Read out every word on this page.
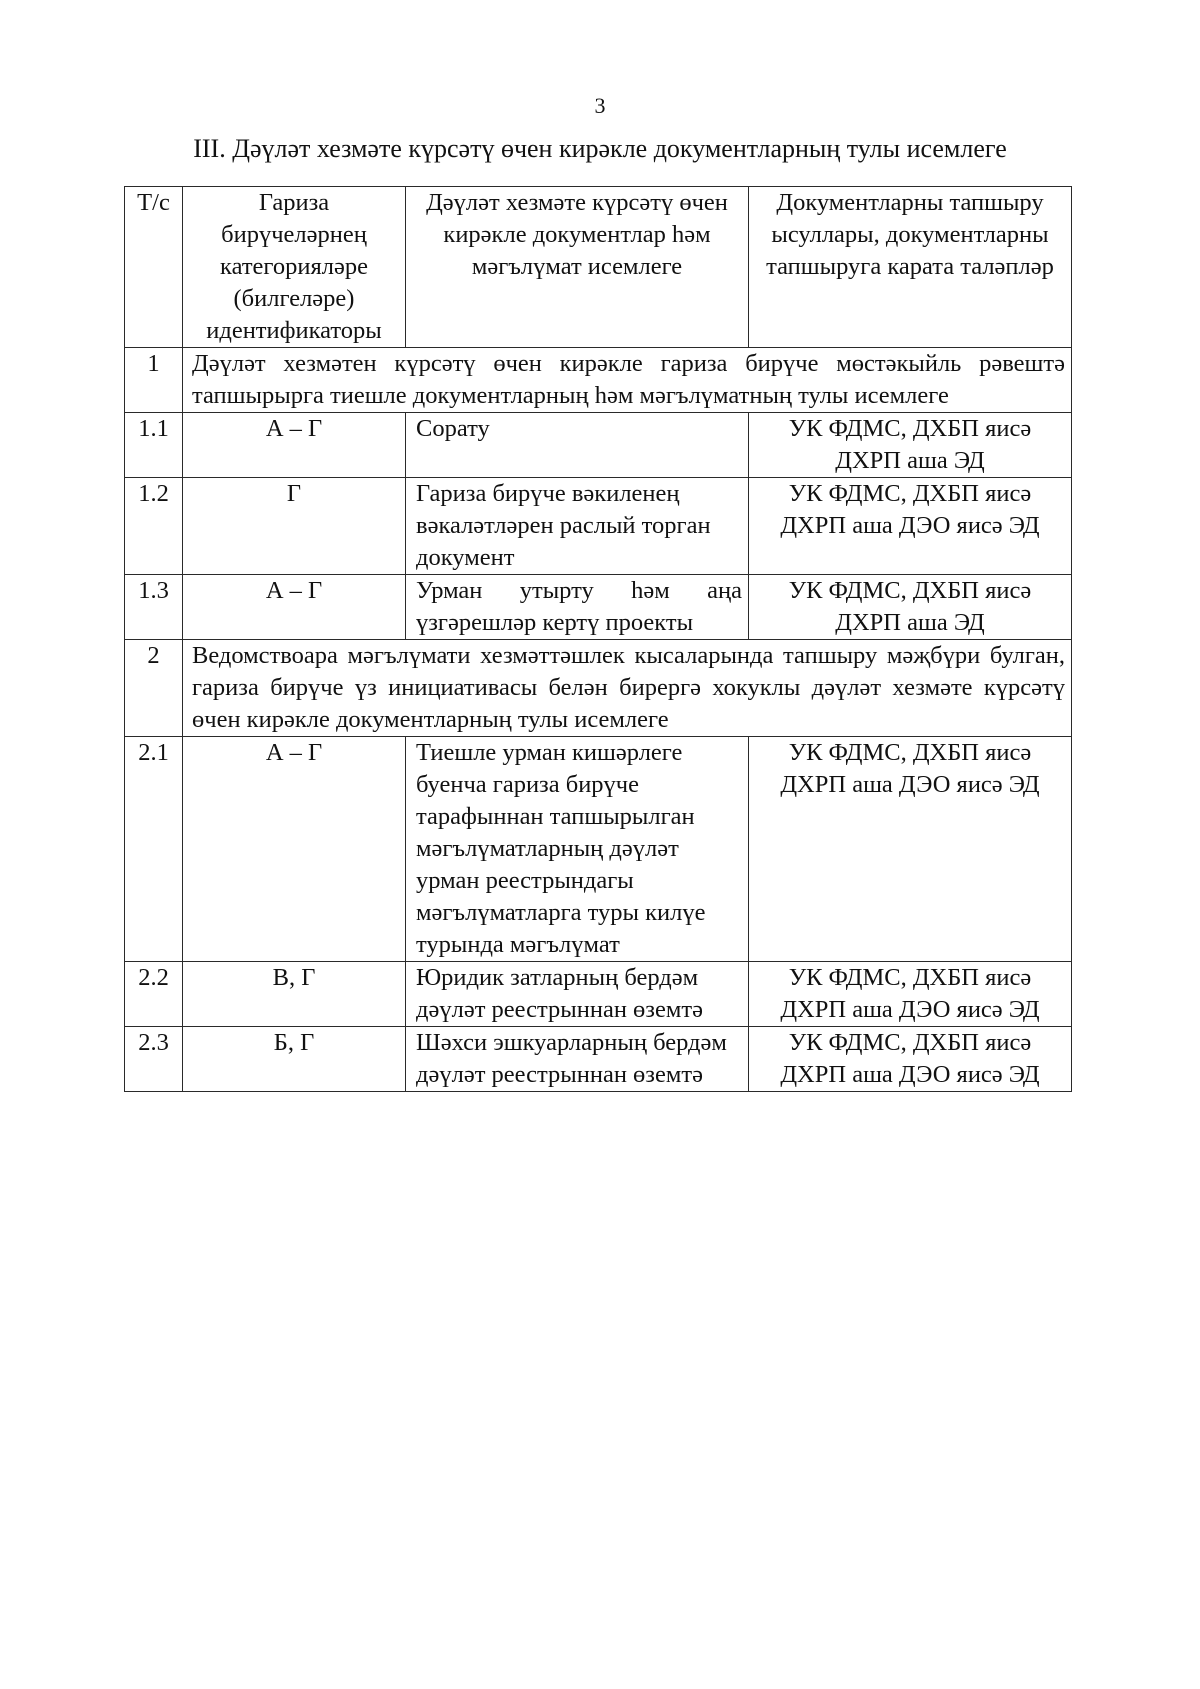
3
III. Дәүләт хезмәте күрсәтү өчен кирәкле документларның тулы исемлеге
Т/с	Гариза бирүчеләрнең категорияләре (билгеләре) идентификаторы	Дәүләт хезмәте күрсәтү өчен кирәкле документлар һәм мәгълүмат исемлеге	Документларны тапшыру ысуллары, документларны тапшыруга карата таләпләр
1	Дәүләт хезмәтен күрсәтү өчен кирәкле гариза бирүче мөстәкыйль рәвештә тапшырырга тиешле документларның һәм мәгълүматның тулы исемлеге		
1.1	А – Г	Сорату	УК ФДМС, ДХБП яисә ДХРП аша ЭД
1.2	Г	Гариза бирүче вәкиленең вәкаләтләрен раслый торган документ	УК ФДМС, ДХБП яисә ДХРП аша ДЭО яисә ЭД
1.3	А – Г	Урман утырту һәм аңа үзгәрешләр кертү проекты	УК ФДМС, ДХБП яисә ДХРП аша ЭД
2	Ведомствоара мәгълүмати хезмәттәшлек кысаларында тапшыру мәҗбүри булган, гариза бирүче үз инициативасы белән бирергә хокуклы дәүләт хезмәте күрсәтү өчен кирәкле документларның тулы исемлеге		
2.1	А – Г	Тиешле урман кишәрлеге буенча гариза бирүче тарафыннан тапшырылган мәгълүматларның дәүләт урман реестрындагы мәгълүматларга туры килүе турында мәгълүмат	УК ФДМС, ДХБП яисә ДХРП аша ДЭО яисә ЭД
2.2	В, Г	Юридик затларның бердәм дәүләт реестрыннан өземтә	УК ФДМС, ДХБП яисә ДХРП аша ДЭО яисә ЭД
2.3	Б, Г	Шәхси эшкуарларның бердәм дәүләт реестрыннан өземтә	УК ФДМС, ДХБП яисә ДХРП аша ДЭО яисә ЭД
